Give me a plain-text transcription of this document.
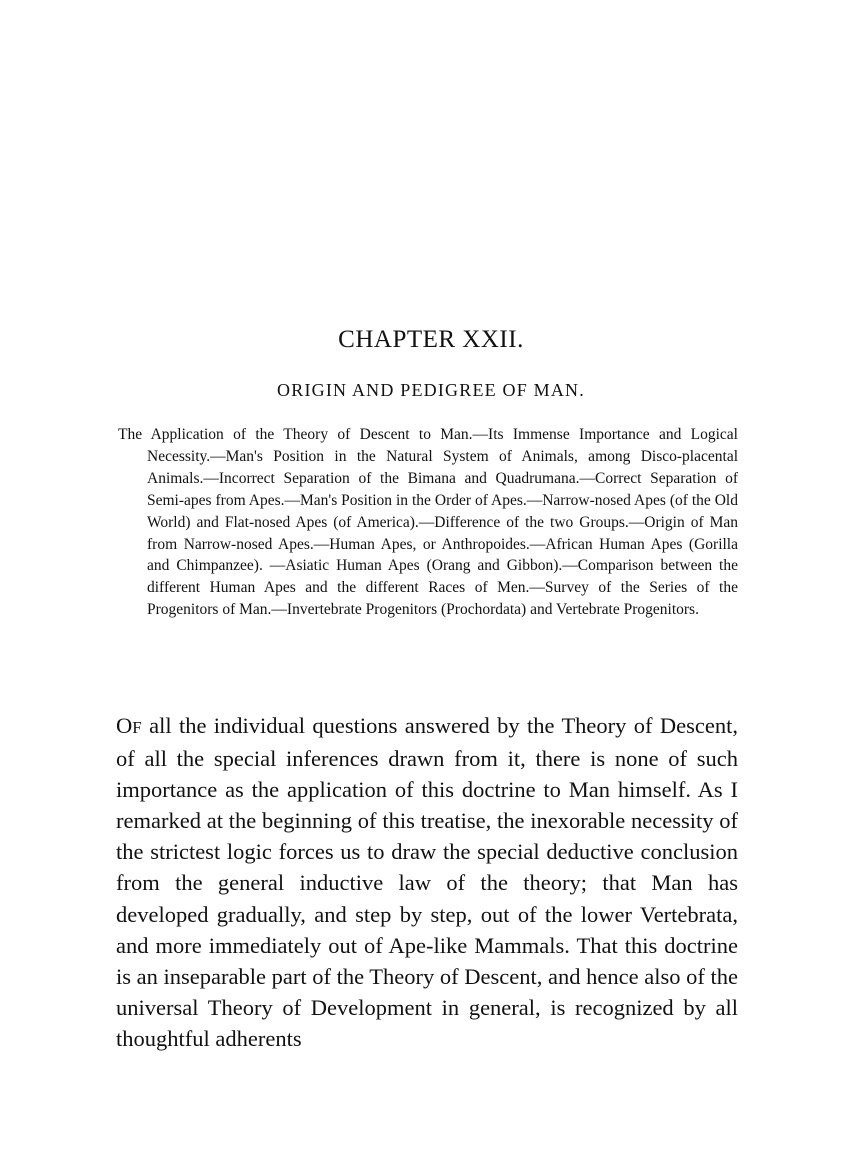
CHAPTER XXII.
ORIGIN AND PEDIGREE OF MAN.
The Application of the Theory of Descent to Man.—Its Immense Importance and Logical Necessity.—Man's Position in the Natural System of Animals, among Disco-placental Animals.—Incorrect Separation of the Bimana and Quadrumana.—Correct Separation of Semi-apes from Apes.—Man's Position in the Order of Apes.—Narrow-nosed Apes (of the Old World) and Flat-nosed Apes (of America).—Difference of the two Groups.—Origin of Man from Narrow-nosed Apes.—Human Apes, or Anthropoides.—African Human Apes (Gorilla and Chimpanzee). —Asiatic Human Apes (Orang and Gibbon).—Comparison between the different Human Apes and the different Races of Men.—Survey of the Series of the Progenitors of Man.—Invertebrate Progenitors (Prochordata) and Vertebrate Progenitors.
OF all the individual questions answered by the Theory of Descent, of all the special inferences drawn from it, there is none of such importance as the application of this doctrine to Man himself. As I remarked at the beginning of this treatise, the inexorable necessity of the strictest logic forces us to draw the special deductive conclusion from the general inductive law of the theory; that Man has developed gradually, and step by step, out of the lower Vertebrata, and more immediately out of Ape-like Mammals. That this doctrine is an inseparable part of the Theory of Descent, and hence also of the universal Theory of Development in general, is recognized by all thoughtful adherents
